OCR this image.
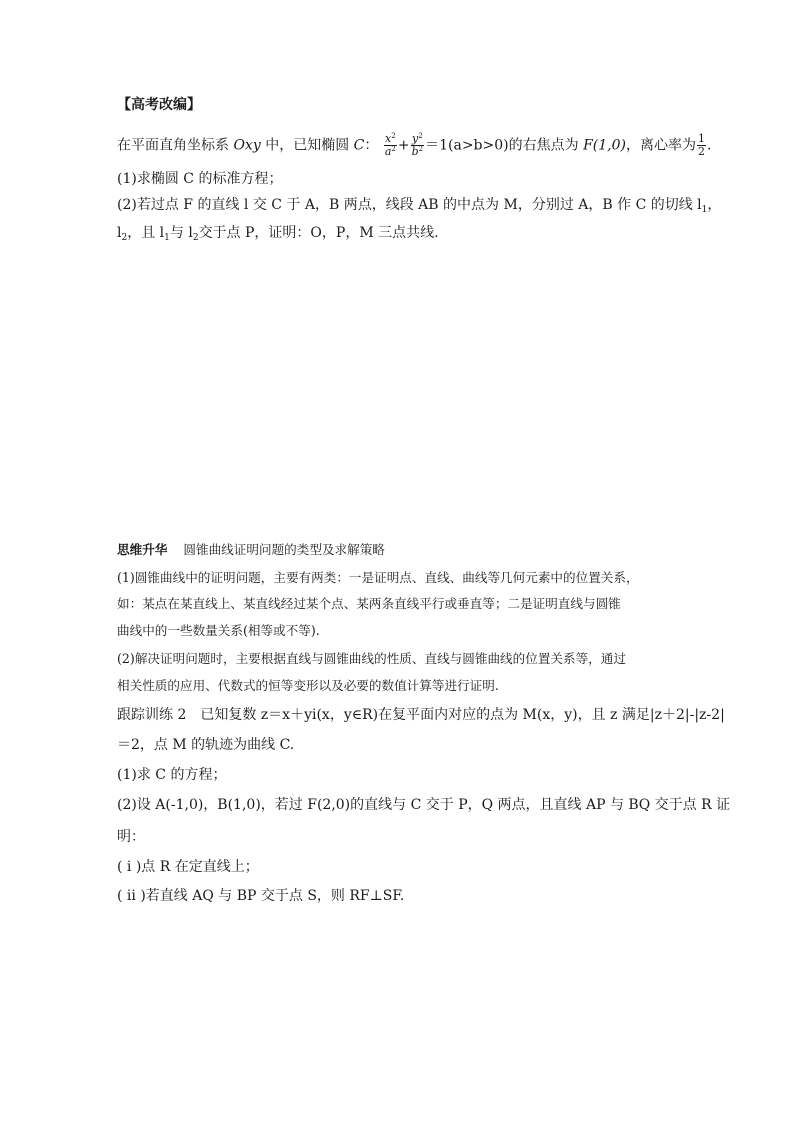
【高考改编】
在平面直角坐标系 Oxy 中，已知椭圆 C： $\frac{x^2}{a^2} + \frac{y^2}{b^2} =1(a>b>0)$的右焦点为 F(1,0)，离心率为 $\frac{1}{2}$ .
(1)求椭圆 C 的标准方程；
(2)若过点 F 的直线 l 交 C 于 A，B 两点，线段 AB 的中点为 M，分别过 A，B 作 C 的切线 $l_1$，
$l_2$，且 $l_1$与 $l_2$交于点 P，证明：O，P，M 三点共线.
思维升华 圆锥曲线证明问题的类型及求解策略
(1)圆锥曲线中的证明问题，主要有两类：一是证明点、直线、曲线等几何元素中的位置关系，
如：某点在某直线上、某直线经过某个点、某两条直线平行或垂直等；二是证明直线与圆锥
曲线中的一些数量关系(相等或不等).
(2)解决证明问题时，主要根据直线与圆锥曲线的性质、直线与圆锥曲线的位置关系等，通过
相关性质的应用、代数式的恒等变形以及必要的数值计算等进行证明.
跟踪训练 2　已知复数 z＝x＋yi(x，y∈R)在复平面内对应的点为 M(x，y)，且 z 满足|z＋2|-|z-2|
＝2，点 M 的轨迹为曲线 C.
(1)求 C 的方程；
(2)设 A(-1,0)，B(1,0)，若过 F(2,0)的直线与 C 交于 P，Q 两点，且直线 AP 与 BQ 交于点 R 证
明：
( i )点 R 在定直线上；
( ii )若直线 AQ 与 BP 交于点 S，则 RF⊥SF.
